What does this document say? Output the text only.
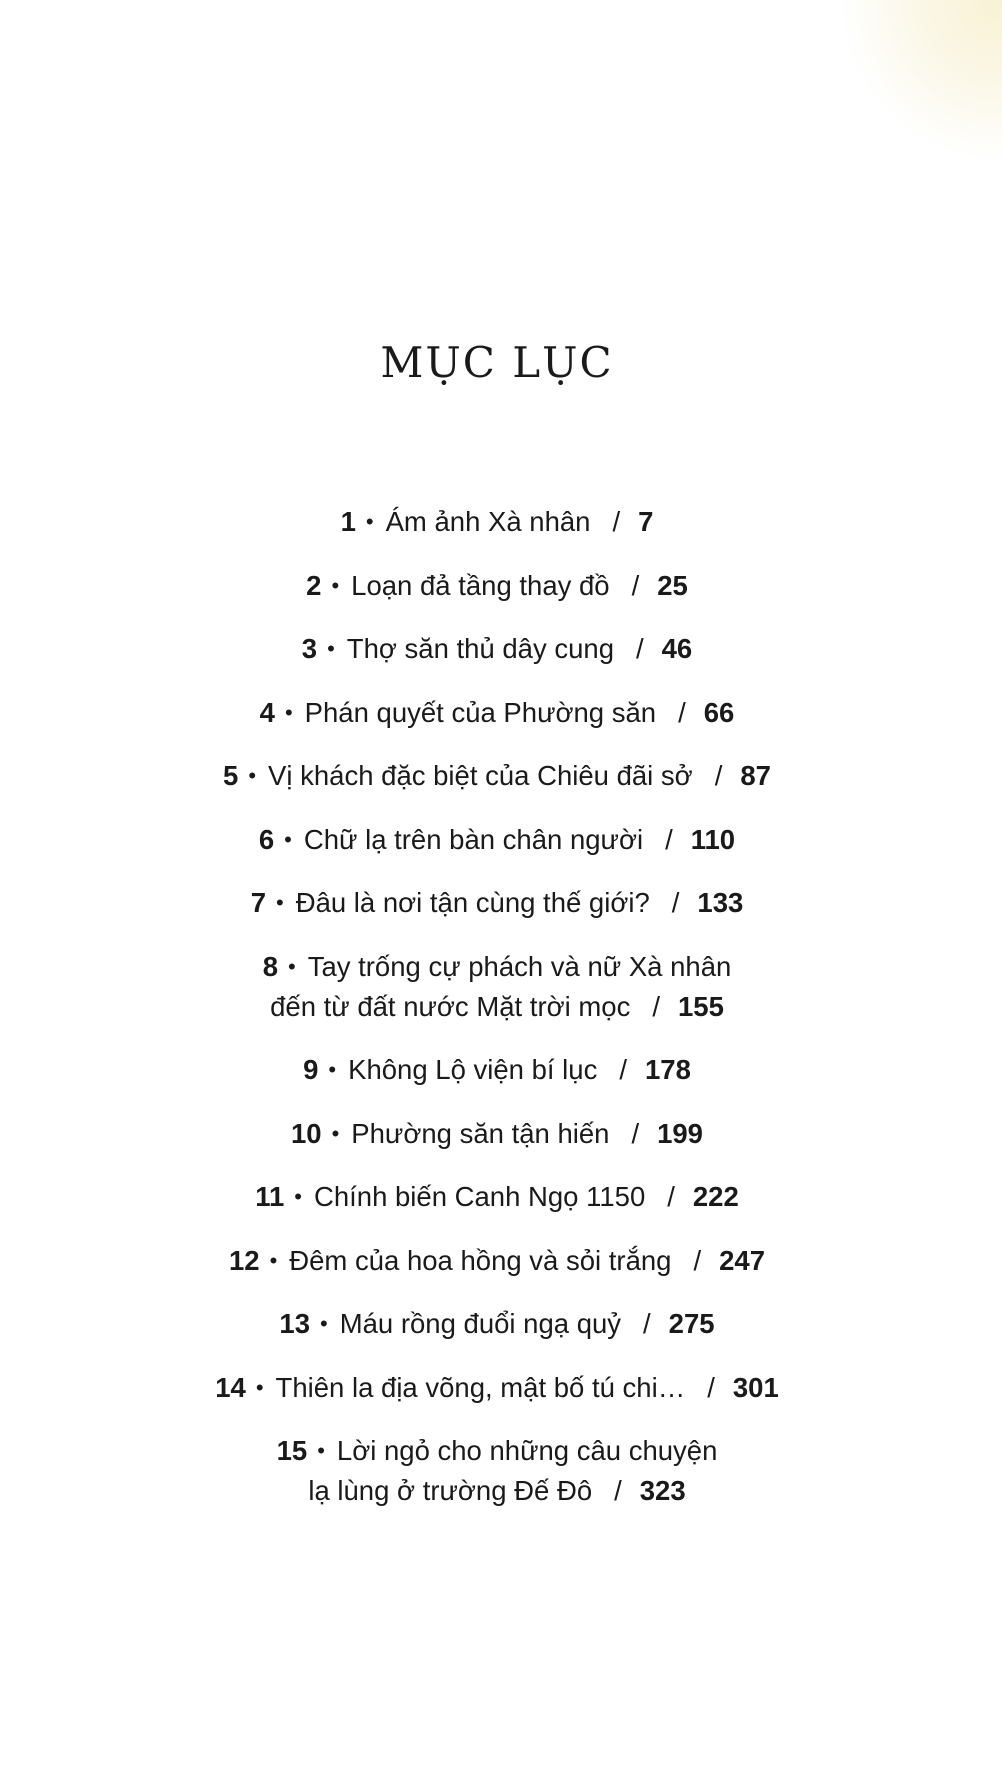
MỤC LỤC
1 • Ám ảnh Xà nhân / 7
2 • Loạn đả tầng thay đồ / 25
3 • Thợ săn thủ dây cung / 46
4 • Phán quyết của Phường săn / 66
5 • Vị khách đặc biệt của Chiêu đãi sở / 87
6 • Chữ lạ trên bàn chân người / 110
7 • Đâu là nơi tận cùng thế giới? / 133
8 • Tay trống cự phách và nữ Xà nhân
đến từ đất nước Mặt trời mọc / 155
9 • Không Lộ viện bí lục / 178
10 • Phường săn tận hiến / 199
11 • Chính biến Canh Ngọ 1150 / 222
12 • Đêm của hoa hồng và sỏi trắng / 247
13 • Máu rồng đuổi ngạ quỷ / 275
14 • Thiên la địa võng, mật bố tú chi… / 301
15 • Lời ngỏ cho những câu chuyện
lạ lùng ở trường Đế Đô / 323
